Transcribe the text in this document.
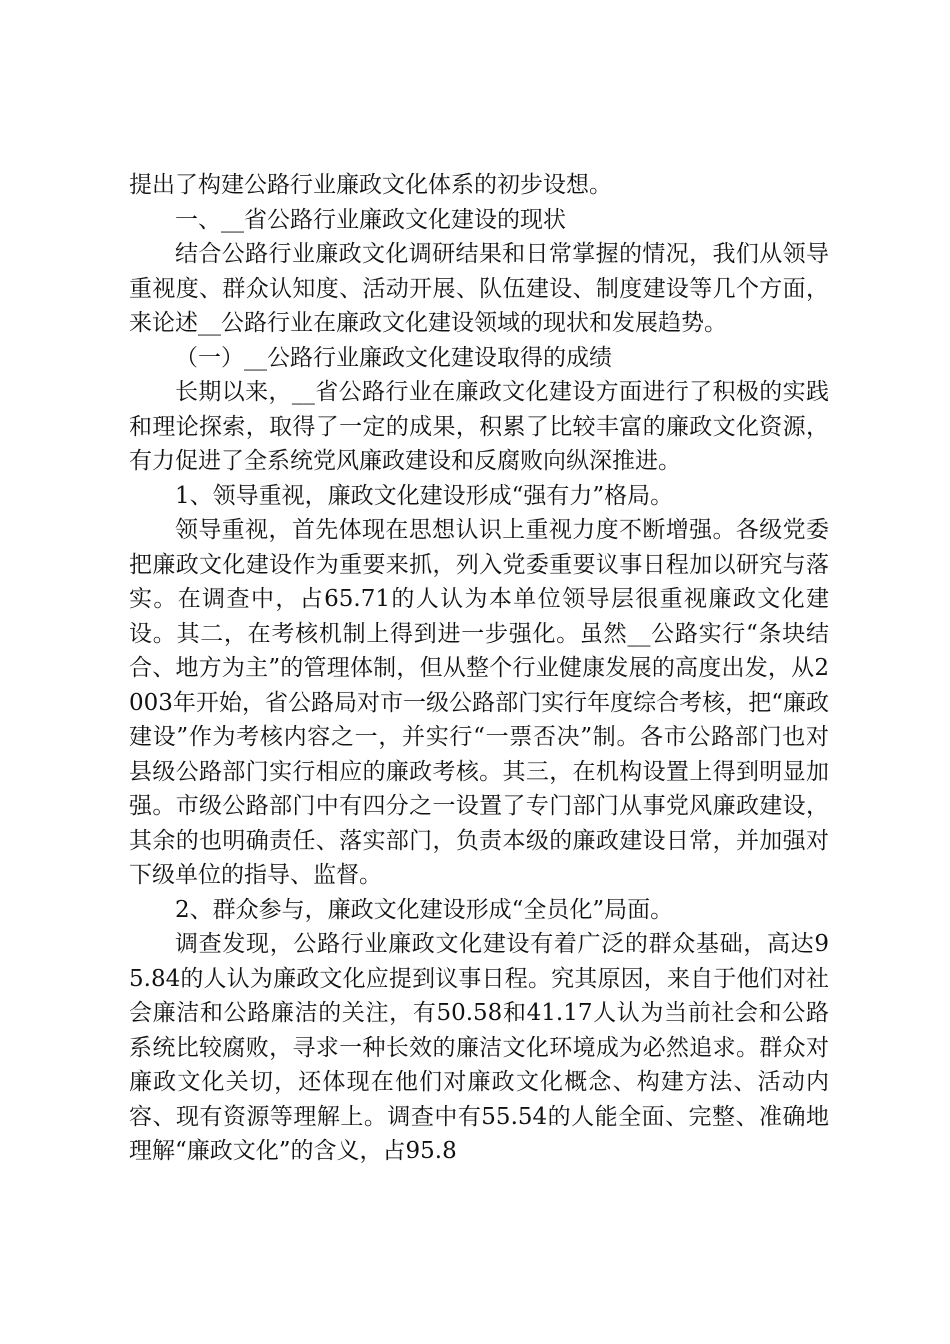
提出了构建公路行业廉政文化体系的初步设想。

一、__省公路行业廉政文化建设的现状

结合公路行业廉政文化调研结果和日常掌握的情况，我们从领导重视度、群众认知度、活动开展、队伍建设、制度建设等几个方面，来论述__公路行业在廉政文化建设领域的现状和发展趋势。

（一）__公路行业廉政文化建设取得的成绩

长期以来，__省公路行业在廉政文化建设方面进行了积极的实践和理论探索，取得了一定的成果，积累了比较丰富的廉政文化资源，有力促进了全系统党风廉政建设和反腐败向纵深推进。

1、领导重视，廉政文化建设形成“强有力”格局。

领导重视，首先体现在思想认识上重视力度不断增强。各级党委把廉政文化建设作为重要来抓，列入党委重要议事日程加以研究与落实。在调查中，占65.71的人认为本单位领导层很重视廉政文化建设。其二，在考核机制上得到进一步强化。虽然__公路实行“条块结合、地方为主”的管理体制，但从整个行业健康发展的高度出发，从2003年开始，省公路局对市一级公路部门实行年度综合考核，把“廉政建设”作为考核内容之一，并实行“一票否决”制。各市公路部门也对县级公路部门实行相应的廉政考核。其三，在机构设置上得到明显加强。市级公路部门中有四分之一设置了专门部门从事党风廉政建设，其余的也明确责任、落实部门，负责本级的廉政建设日常，并加强对下级单位的指导、监督。

2、群众参与，廉政文化建设形成“全员化”局面。

调查发现，公路行业廉政文化建设有着广泛的群众基础，高达95.84的人认为廉政文化应提到议事日程。究其原因，来自于他们对社会廉洁和公路廉洁的关注，有50.58和41.17人认为当前社会和公路系统比较腐败，寻求一种长效的廉洁文化环境成为必然追求。群众对廉政文化关切，还体现在他们对廉政文化概念、构建方法、活动内容、现有资源等理解上。调查中有55.54的人能全面、完整、准确地理解“廉政文化”的含义，占95.8
